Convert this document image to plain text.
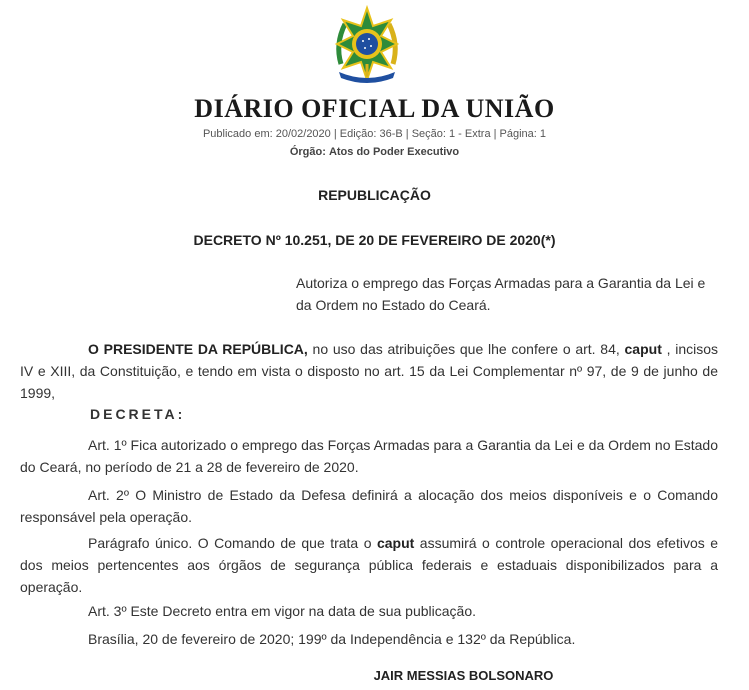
DIÁRIO OFICIAL DA UNIÃO
Publicado em: 20/02/2020 | Edição: 36-B | Seção: 1 - Extra | Página: 1
Órgão: Atos do Poder Executivo
REPUBLICAÇÃO
DECRETO Nº 10.251, DE 20 DE FEVEREIRO DE 2020(*)
Autoriza o emprego das Forças Armadas para a Garantia da Lei e da Ordem no Estado do Ceará.
O PRESIDENTE DA REPÚBLICA, no uso das atribuições que lhe confere o art. 84, caput , incisos IV e XIII, da Constituição, e tendo em vista o disposto no art. 15 da Lei Complementar nº 97, de 9 de junho de 1999,
DECRETA:
Art. 1º Fica autorizado o emprego das Forças Armadas para a Garantia da Lei e da Ordem no Estado do Ceará, no período de 21 a 28 de fevereiro de 2020.
Art. 2º O Ministro de Estado da Defesa definirá a alocação dos meios disponíveis e o Comando responsável pela operação.
Parágrafo único. O Comando de que trata o caput assumirá o controle operacional dos efetivos e dos meios pertencentes aos órgãos de segurança pública federais e estaduais disponibilizados para a operação.
Art. 3º Este Decreto entra em vigor na data de sua publicação.
Brasília, 20 de fevereiro de 2020; 199º da Independência e 132º da República.
JAIR MESSIAS BOLSONARO
